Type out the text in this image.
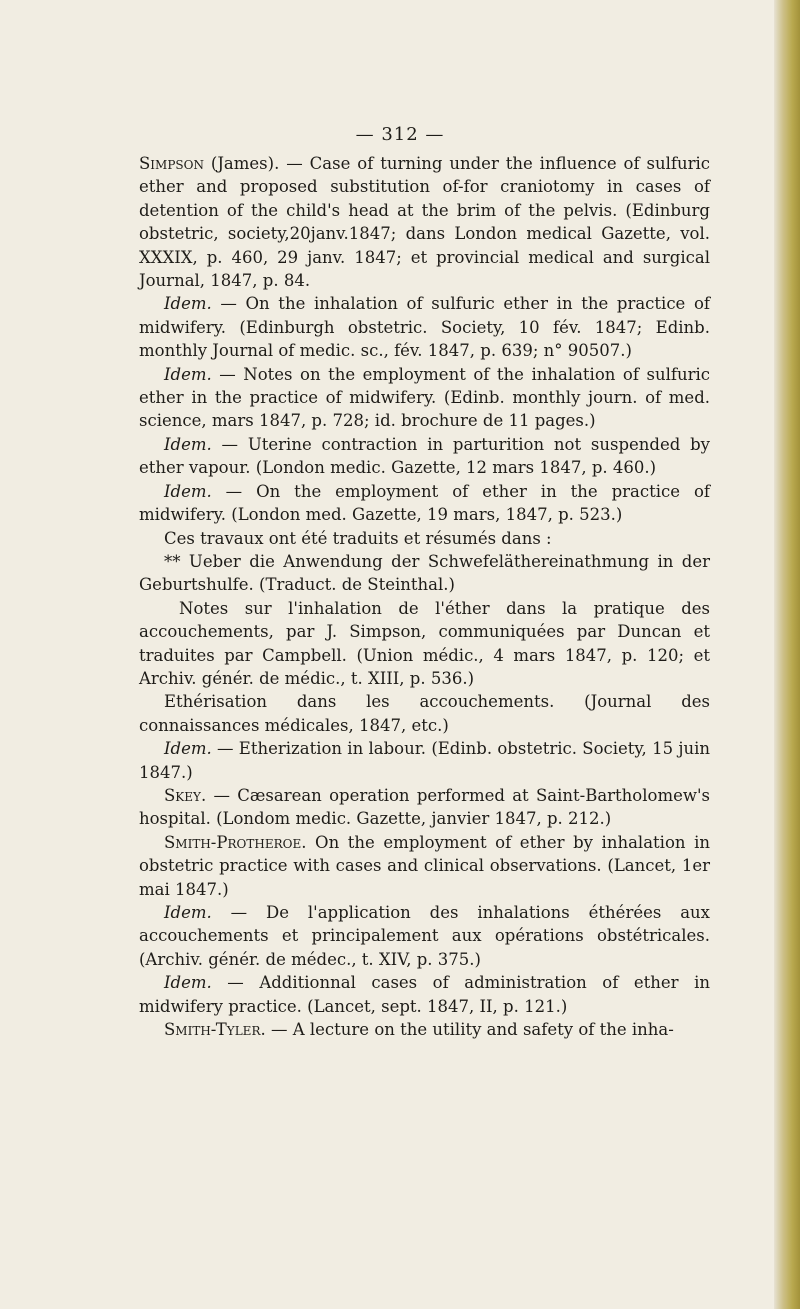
— 312 —

Simpson (James). — Case of turning under the influence of sulfuric ether and proposed substitution of-for craniotomy in cases of detention of the child's head at the brim of the pelvis. (Edinburg obstetric, society,20janv.1847; dans London medical Gazette, vol. XXXIX, p. 460, 29 janv. 1847; et provincial medical and surgical Journal, 1847, p. 84.

Idem. — On the inhalation of sulfuric ether in the practice of midwifery. (Edinburgh obstetric. Society, 10 fév. 1847; Edinb. monthly Journal of medic. sc., fév. 1847, p. 639; n° 90507.)

Idem. — Notes on the employment of the inhalation of sulfuric ether in the practice of midwifery. (Edinb. monthly journ. of med. science, mars 1847, p. 728; id. brochure de 11 pages.)

Idem. — Uterine contraction in parturition not suspended by ether vapour. (London medic. Gazette, 12 mars 1847, p. 460.)

Idem. — On the employment of ether in the practice of midwifery. (London med. Gazette, 19 mars, 1847, p. 523.)

Ces travaux ont été traduits et résumés dans :

** Ueber die Anwendung der Schwefeläthereinathmung in der Geburtshulfe. (Traduct. de Steinthal.)

Notes sur l'inhalation de l'éther dans la pratique des accouchements, par J. Simpson, communiquées par Duncan et traduites par Campbell. (Union médic., 4 mars 1847, p. 120; et Archiv. génér. de médic., t. XIII, p. 536.)

Ethérisation dans les accouchements. (Journal des connaissances médicales, 1847, etc.)

Idem. — Etherization in labour. (Edinb. obstetric. Society, 15 juin 1847.)

Skey. — Cæsarean operation performed at Saint-Bartholomew's hospital. (Londom medic. Gazette, janvier 1847, p. 212.)

Smith-Protheroe. On the employment of ether by inhalation in obstetric practice with cases and clinical observations. (Lancet, 1er mai 1847.)

Idem. — De l'application des inhalations éthérées aux accouchements et principalement aux opérations obstétricales. (Archiv. génér. de médec., t. XIV, p. 375.)

Idem. — Additionnal cases of administration of ether in midwifery practice. (Lancet, sept. 1847, II, p. 121.)

Smith-Tyler. — A lecture on the utility and safety of the inha-
